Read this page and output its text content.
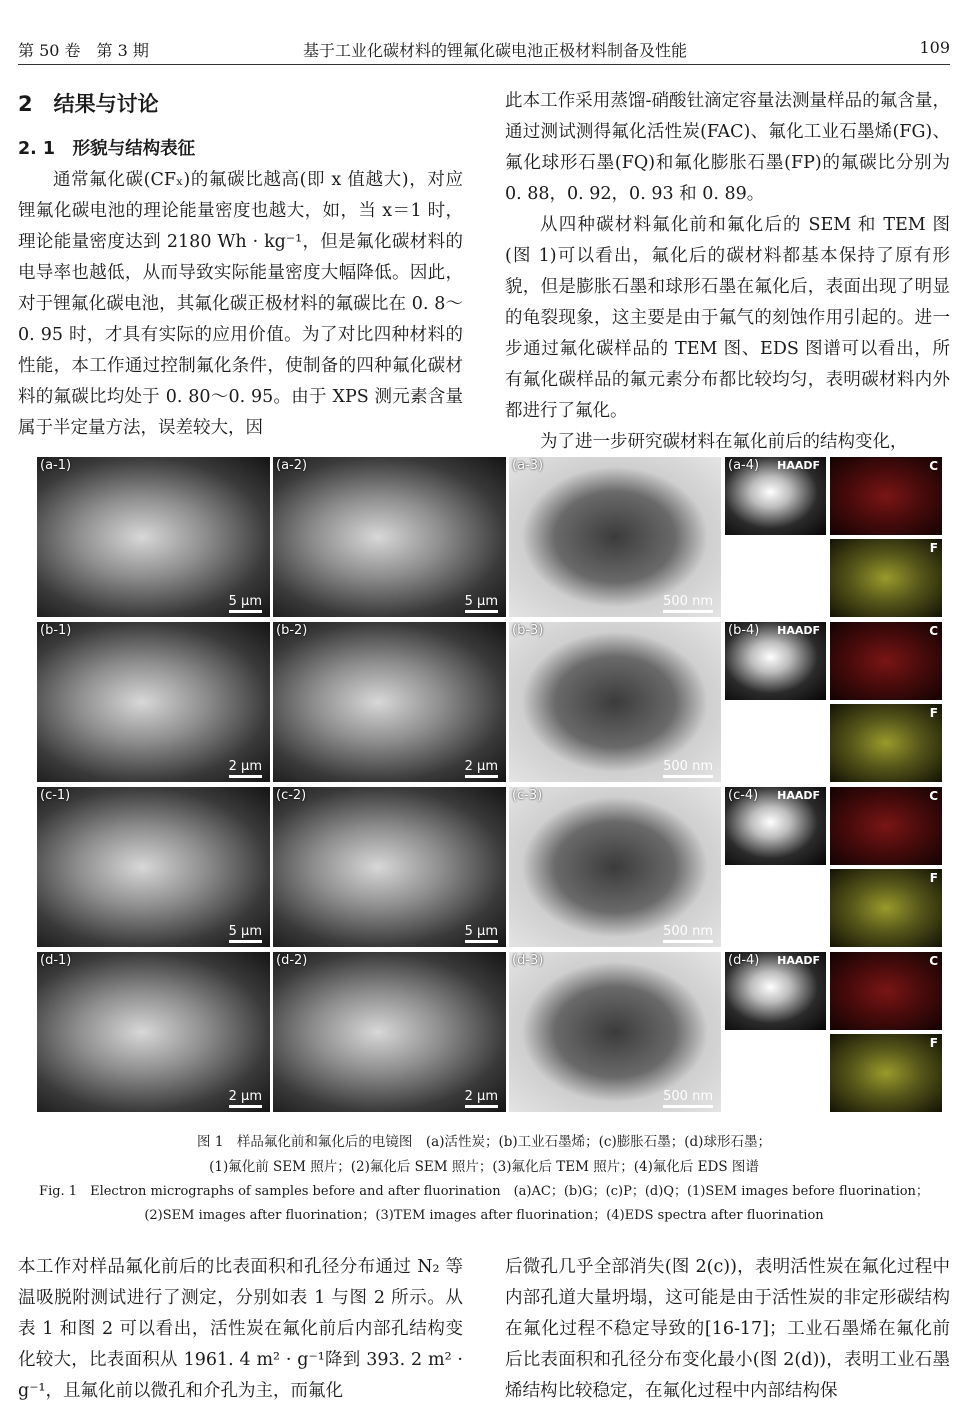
第 50 卷　第 3 期	基于工业化碳材料的锂氟化碳电池正极材料制备及性能	109
2　结果与讨论
2. 1　形貌与结构表征

通常氟化碳(CFₓ)的氟碳比越高(即 x 值越大)，对应锂氟化碳电池的理论能量密度也越大，如，当 x＝1 时，理论能量密度达到 2180 Wh · kg⁻¹，但是氟化碳材料的电导率也越低，从而导致实际能量密度大幅降低。因此，对于锂氟化碳电池，其氟化碳正极材料的氟碳比在 0. 8～0. 95 时，才具有实际的应用价值。为了对比四种材料的性能，本工作通过控制氟化条件，使制备的四种氟化碳材料的氟碳比均处于 0. 80～0. 95。由于 XPS 测元素含量属于半定量方法，误差较大，因

此本工作采用蒸馏-硝酸钍滴定容量法测量样品的氟含量，通过测试测得氟化活性炭(FAC)、氟化工业石墨烯(FG)、氟化球形石墨(FQ)和氟化膨胀石墨(FP)的氟碳比分别为 0. 88，0. 92，0. 93 和 0. 89。

从四种碳材料氟化前和氟化后的 SEM 和 TEM 图(图 1)可以看出，氟化后的碳材料都基本保持了原有形貌，但是膨胀石墨和球形石墨在氟化后，表面出现了明显的龟裂现象，这主要是由于氟气的刻蚀作用引起的。进一步通过氟化碳样品的 TEM 图、EDS 图谱可以看出，所有氟化碳样品的氟元素分布都比较均匀，表明碳材料内外都进行了氟化。

为了进一步研究碳材料在氟化前后的结构变化，

(a-1)
5 μm
(a-2)
5 μm
(a-3)
500 nm
(a-4) HAADF	C
F
(b-1)
2 μm
(b-2)
2 μm
(b-3)
500 nm
(b-4) HAADF	C
F
(c-1)
5 μm
(c-2)
5 μm
(c-3)
500 nm
(c-4) HAADF	C
F
(d-1)
2 μm
(d-2)
2 μm
(d-3)
500 nm
(d-4) HAADF	C
F
图 1　样品氟化前和氟化后的电镜图　(a)活性炭；(b)工业石墨烯；(c)膨胀石墨；(d)球形石墨；
(1)氟化前 SEM 照片；(2)氟化后 SEM 照片；(3)氟化后 TEM 照片；(4)氟化后 EDS 图谱
Fig. 1　Electron micrographs of samples before and after fluorination　(a)AC；(b)G；(c)P；(d)Q；(1)SEM images before fluorination；
(2)SEM images after fluorination；(3)TEM images after fluorination；(4)EDS spectra after fluorination

本工作对样品氟化前后的比表面积和孔径分布通过 N₂ 等温吸脱附测试进行了测定，分别如表 1 与图 2 所示。从表 1 和图 2 可以看出，活性炭在氟化前后内部孔结构变化较大，比表面积从 1961. 4 m² · g⁻¹降到 393. 2 m² · g⁻¹，且氟化前以微孔和介孔为主，而氟化

后微孔几乎全部消失(图 2(c))，表明活性炭在氟化过程中内部孔道大量坍塌，这可能是由于活性炭的非定形碳结构在氟化过程不稳定导致的[16-17]；工业石墨烯在氟化前后比表面积和孔径分布变化最小(图 2(d))，表明工业石墨烯结构比较稳定，在氟化过程中内部结构保
